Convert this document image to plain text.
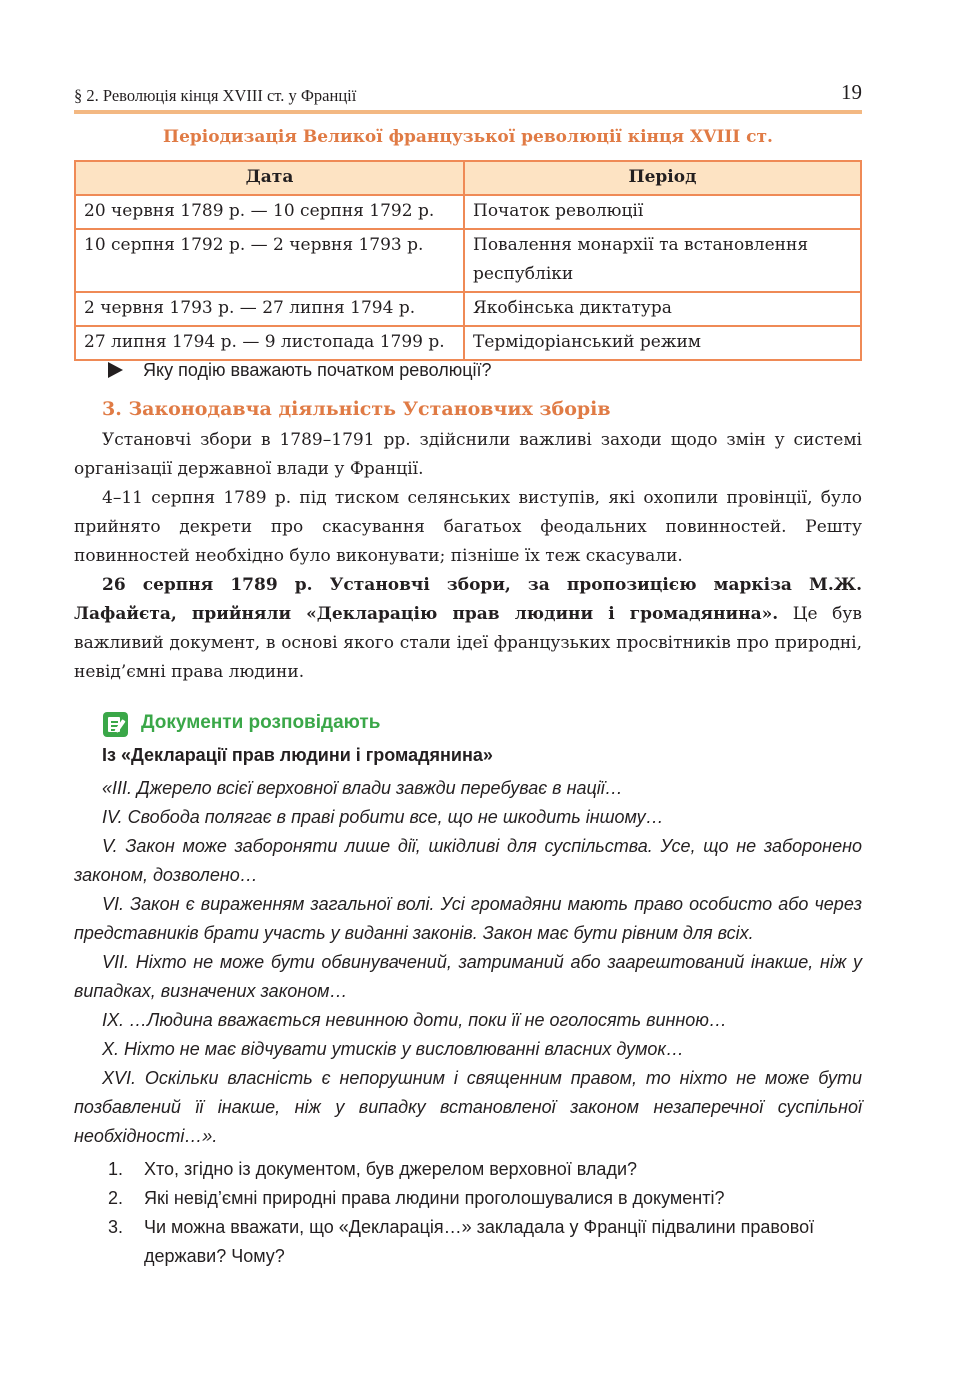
§ 2. Революція кінця XVIII ст. у Франції	19
Періодизація Великої французької революції кінця XVIII ст.
Дата	Період
20 червня 1789 р. — 10 серпня 1792 р.	Початок революції
10 серпня 1792 р. — 2 червня 1793 р.	Повалення монархії та встановлення республіки
2 червня 1793 р. — 27 липня 1794 р.	Якобінська диктатура
27 липня 1794 р. — 9 листопада 1799 р.	Термідоріанський режим
Яку подію вважають початком революції?
3. Законодавча діяльність Установчих зборів
Установчі збори в 1789–1791 рр. здійснили важливі заходи щодо змін у системі організації державної влади у Франції.
4–11 серпня 1789 р. під тиском селянських виступів, які охопили провінції, було прийнято декрети про скасування багатьох феодальних повинностей. Решту повинностей необхідно було виконувати; пізніше їх теж скасували.
26 серпня 1789 р. Установчі збори, за пропозицією маркіза М.Ж. Лафайєта, прийняли «Декларацію прав людини і громадянина». Це був важливий документ, в основі якого стали ідеї французьких просвітників про природні, невід’ємні права людини.
Документи розповідають
Із «Декларації прав людини і громадянина»

«III. Джерело всієї верховної влади завжди перебуває в нації…

IV. Свобода полягає в праві робити все, що не шкодить іншому…

V. Закон може забороняти лише дії, шкідливі для суспільства. Усе, що не заборонено законом, дозволено…

VI. Закон є вираженням загальної волі. Усі громадяни мають право особисто або через представників брати участь у виданні законів. Закон має бути рівним для всіх.

VII. Ніхто не може бути обвинувачений, затриманий або заарештований інакше, ніж у випадках, визначених законом…

IX. …Людина вважається невинною доти, поки її не оголосять винною…

X. Ніхто не має відчувати утисків у висловлюванні власних думок…

XVI. Оскільки власність є непорушним і священним правом, то ніхто не може бути позбавлений її інакше, ніж у випадку встановленої законом незаперечної суспільної необхідності…».

1.	Хто, згідно із документом, був джерелом верховної влади?
2.	Які невід’ємні природні права людини проголошувалися в документі?
3.	Чи можна вважати, що «Декларація…» закладала у Франції підвалини правової держави? Чому?
